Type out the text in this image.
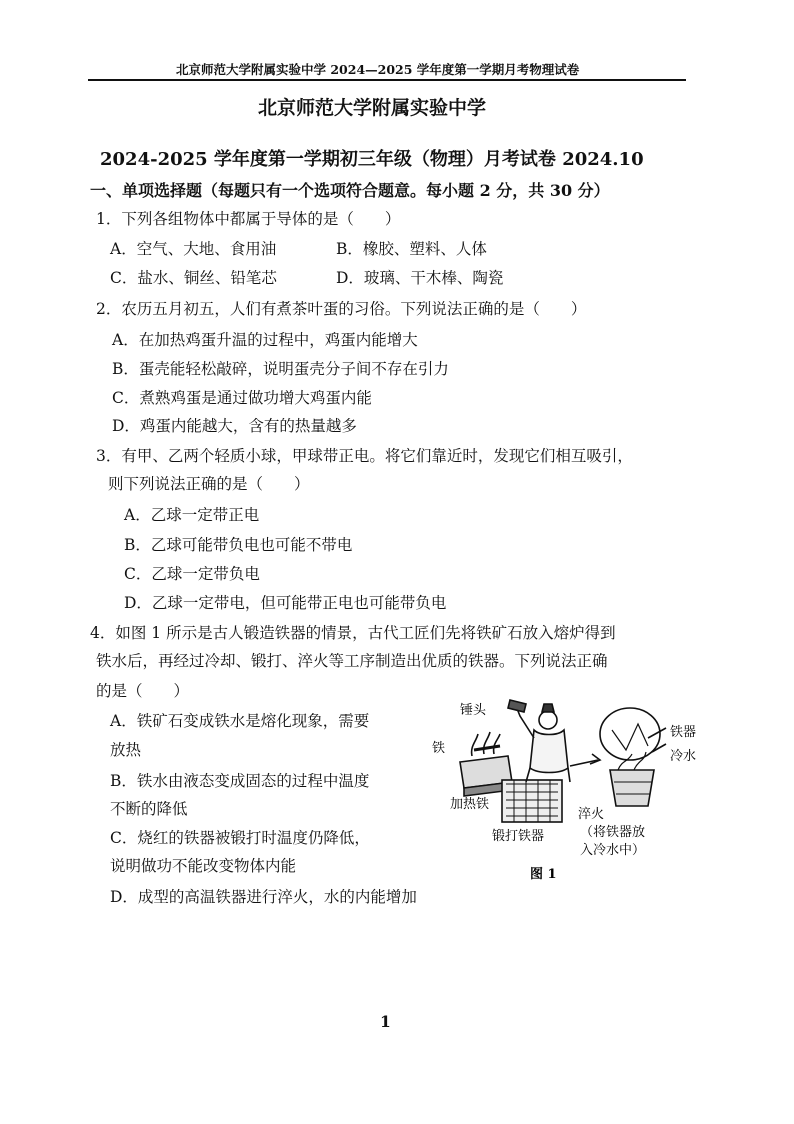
北京师范大学附属实验中学 2024—2025 学年度第一学期月考物理试卷
北京师范大学附属实验中学
2024-2025 学年度第一学期初三年级（物理）月考试卷 2024.10
一、单项选择题（每题只有一个选项符合题意。每小题 2 分，共 30 分）
1．下列各组物体中都属于导体的是（　　）
A．空气、大地、食用油	B．橡胶、塑料、人体
C．盐水、铜丝、铅笔芯	D．玻璃、干木棒、陶瓷
2．农历五月初五，人们有煮茶叶蛋的习俗。下列说法正确的是（　　）
A．在加热鸡蛋升温的过程中，鸡蛋内能增大
B．蛋壳能轻松敲碎，说明蛋壳分子间不存在引力
C．煮熟鸡蛋是通过做功增大鸡蛋内能
D．鸡蛋内能越大，含有的热量越多
3．有甲、乙两个轻质小球，甲球带正电。将它们靠近时，发现它们相互吸引，
则下列说法正确的是（　　）
A．乙球一定带正电
B．乙球可能带负电也可能不带电
C．乙球一定带负电
D．乙球一定带电，但可能带正电也可能带负电
4．如图 1 所示是古人锻造铁器的情景，古代工匠们先将铁矿石放入熔炉得到
铁水后，再经过冷却、锻打、淬火等工序制造出优质的铁器。下列说法正确
的是（　　）
A．铁矿石变成铁水是熔化现象，需要
放热
B．铁水由液态变成固态的过程中温度
不断的降低
C．烧红的铁器被锻打时温度仍降低，
说明做功不能改变物体内能
D．成型的高温铁器进行淬火，水的内能增加
锤头
铁
加热铁
锻打铁器
铁器
冷水
淬火
（将铁器放
入冷水中）
图 1
1
